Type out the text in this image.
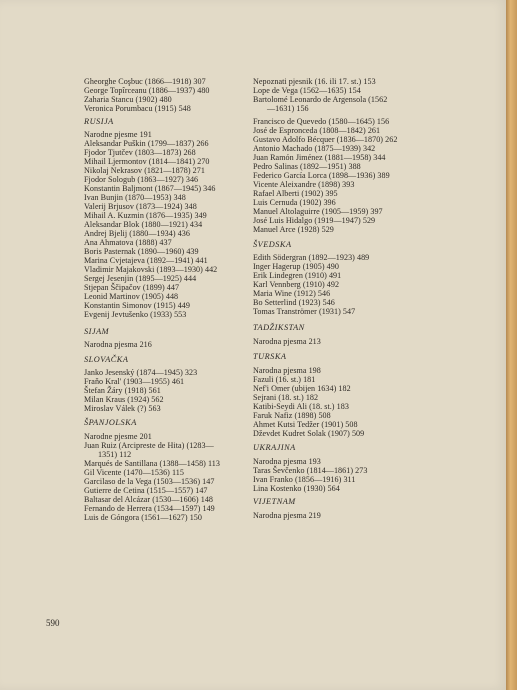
Gheorghe Coşbuc (1866—1918) 307
George Topîrceanu (1886—1937) 480
Zaharia Stancu (1902) 480
Veronica Porumbacu (1915) 548
RUSIJA
Narodne pjesme 191
Aleksandar Puškin (1799—1837) 266
Fjodor Tjutčev (1803—1873) 268
Mihail Ljermontov (1814—1841) 270
Nikolaj Nekrasov (1821—1878) 271
Fjodor Sologub (1863—1927) 346
Konstantin Baljmont (1867—1945) 346
Ivan Bunjin (1870—1953) 348
Valerij Brjusov (1873—1924) 348
Mihail A. Kuzmin (1876—1935) 349
Aleksandar Blok (1880—1921) 434
Andrej Bjelij (1880—1934) 436
Ana Ahmatova (1888) 437
Boris Pasternak (1890—1960) 439
Marina Cvjetajeva (1892—1941) 441
Vladimir Majakovski (1893—1930) 442
Sergej Jesenjin (1895—1925) 444
Stjepan Ščipačov (1899) 447
Leonid Martinov (1905) 448
Konstantin Simonov (1915) 449
Evgenij Jevtušenko (1933) 553
SIJAM
Narodna pjesma 216
SLOVAČKA
Janko Jesenský (1874—1945) 323
Fraňo Kral' (1903—1955) 461
Štefan Žáry (1918) 561
Milan Kraus (1924) 562
Miroslav Válek (?) 563
ŠPANJOLSKA
Narodne pjesme 201
Juan Ruiz (Arcipreste de Hita) (1283—
1351) 112
Marqués de Santillana (1388—1458) 113
Gil Vicente (1470—1536) 115
Garcilaso de la Vega (1503—1536) 147
Gutierre de Cetina (1515—1557) 147
Baltasar del Alcázar (1530—1606) 148
Fernando de Herrera (1534—1597) 149
Luis de Góngora (1561—1627) 150
Nepoznati pjesnik (16. ili 17. st.) 153
Lope de Vega (1562—1635) 154
Bartolomé Leonardo de Argensola (1562
—1631) 156
Francisco de Quevedo (1580—1645) 156
José de Espronceda (1808—1842) 261
Gustavo Adolfo Bécquer (1836—1870) 262
Antonio Machado (1875—1939) 342
Juan Ramón Jiménez (1881—1958) 344
Pedro Salinas (1892—1951) 388
Federico García Lorca (1898—1936) 389
Vicente Aleixandre (1898) 393
Rafael Alberti (1902) 395
Luis Cernuda (1902) 396
Manuel Altolaguirre (1905—1959) 397
José Luis Hidalgo (1919—1947) 529
Manuel Arce (1928) 529
ŠVEDSKA
Edith Södergran (1892—1923) 489
Inger Hagerup (1905) 490
Erik Lindegren (1910) 491
Karl Vennberg (1910) 492
Maria Wine (1912) 546
Bo Setterlind (1923) 546
Tomas Tranströmer (1931) 547
TADŽIKSTAN
Narodna pjesma 213
TURSKA
Narodna pjesma 198
Fazuli (16. st.) 181
Nef'i Omer (ubijen 1634) 182
Sejrani (18. st.) 182
Katibi-Seydi Ali (18. st.) 183
Faruk Nafiz (1898) 508
Ahmet Kutsi Tedžer (1901) 508
Dževdet Kudret Solak (1907) 509
UKRAJINA
Narodna pjesma 193
Taras Ševčenko (1814—1861) 273
Ivan Franko (1856—1916) 311
Lina Kostenko (1930) 564
VIJETNAM
Narodna pjesma 219
590
